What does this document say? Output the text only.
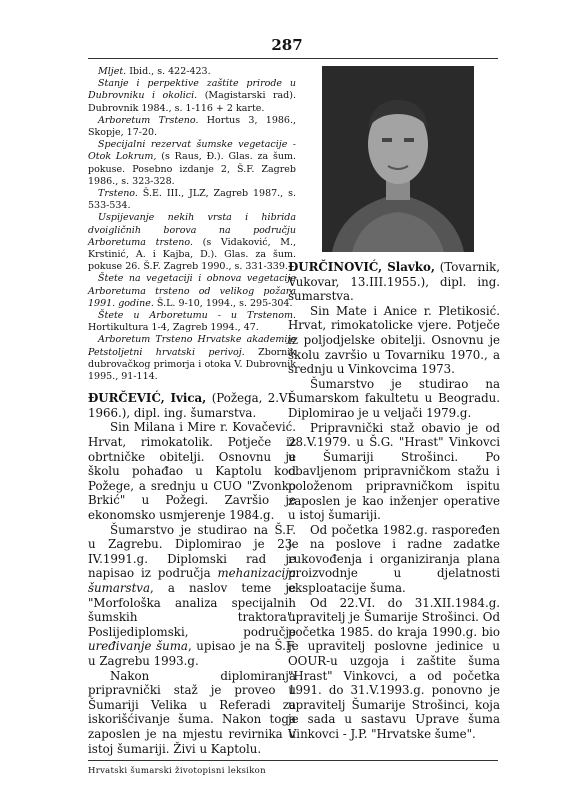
287

Mljet. Ibid., s. 422-423.

Stanje i perpektive zaštite prirode u Dubrovniku i okolici. (Magistarski rad). Dubrovnik 1984., s. 1-116 + 2 karte.

Arboretum Trsteno. Hortus 3, 1986., Skopje, 17-20.

Specijalni rezervat šumske vegetacije - Otok Lokrum, (s Raus, Đ.). Glas. za šum. pokuse. Posebno izdanje 2, Š.F. Zagreb 1986., s. 323-328.

Trsteno. Š.E. III., JLZ, Zagreb 1987., s. 533-534.

Uspijevanje nekih vrsta i hibrida dvoigličnih borova na području Arboretuma trsteno. (s Vidaković, M., Krstinić, A. i Kajba, D.). Glas. za šum. pokuse 26. Š.F. Zagreb 1990., s. 331-339.

Štete na vegetaciji i obnova vegetacije Arboretuma trsteno od velikog požara 1991. godine. Š.L. 9-10, 1994., s. 295-304.

Štete u Arboretumu - u Trstenom. Hortikultura 1-4, Zagreb 1994., 47.

Arboretum Trsteno Hrvatske akademije Petstoljetni hrvatski perivoj. Zbornik dubrovačkog primorja i otoka V. Dubrovnik 1995., 91-114.

ĐURČEVIĆ, Ivica, (Požega, 2.VI. 1966.), dipl. ing. šumarstva.

Sin Milana i Mire r. Kovačević. Hrvat, rimokatolik. Potječe iz obrtničke obitelji. Osnovnu je školu pohađao u Kaptolu kod Požege, a srednju u CUO "Zvonko Brkić" u Požegi. Završio je ekonomsko usmjerenje 1984.g.

Šumarstvo je studirao na Š.F. u Zagrebu. Diplomirao je 23. IV.1991.g. Diplomski rad je napisao iz područja mehanizacija šumarstva, a naslov teme je "Morfološka analiza specijalnih šumskih traktora". Poslijediplomski, područje uređivanje šuma, upisao je na Š.F. u Zagrebu 1993.g.

Nakon diplomiranja pripravnički staž je proveo u Šumariji Velika u Referadi za iskorišćivanje šuma. Nakon toga zaposlen je na mjestu revirnika u istoj šumariji. Živi u Kaptolu.

ĐURČINOVIĆ, Slavko, (Tovarnik, Vukovar, 13.III.1955.), dipl. ing. šumarstva.

Sin Mate i Anice r. Pletikosić. Hrvat, rimokatolicke vjere. Potječe iz poljodjelske obitelji. Osnovnu je školu završio u Tovarniku 1970., a srednju u Vinkovcima 1973.

Šumarstvo je studirao na Šumarskom fakultetu u Beogradu. Diplomirao je u veljači 1979.g.

Pripravnički staž obavio je od 28.V.1979. u Š.G. "Hrast" Vinkovci u Šumariji Strošinci. Po obavljenom pripravničkom stažu i položenom pripravničkom ispitu zaposlen je kao inženjer operative u istoj šumariji.

Od početka 1982.g. raspoređen je na poslove i radne zadatke rukovođenja i organiziranja plana proizvodnje u djelatnosti eksploatacije šuma.

Od 22.VI. do 31.XII.1984.g. upravitelj je Šumarije Strošinci. Od početka 1985. do kraja 1990.g. bio je upravitelj poslovne jedinice u OOUR-u uzgoja i zaštite šuma "Hrast" Vinkovci, a od početka 1991. do 31.V.1993.g. ponovno je upravitelj Šumarije Strošinci, koja je sada u sastavu Uprave šuma Vinkovci - J.P. "Hrvatske šume".

Hrvatski šumarski životopisni leksikon
